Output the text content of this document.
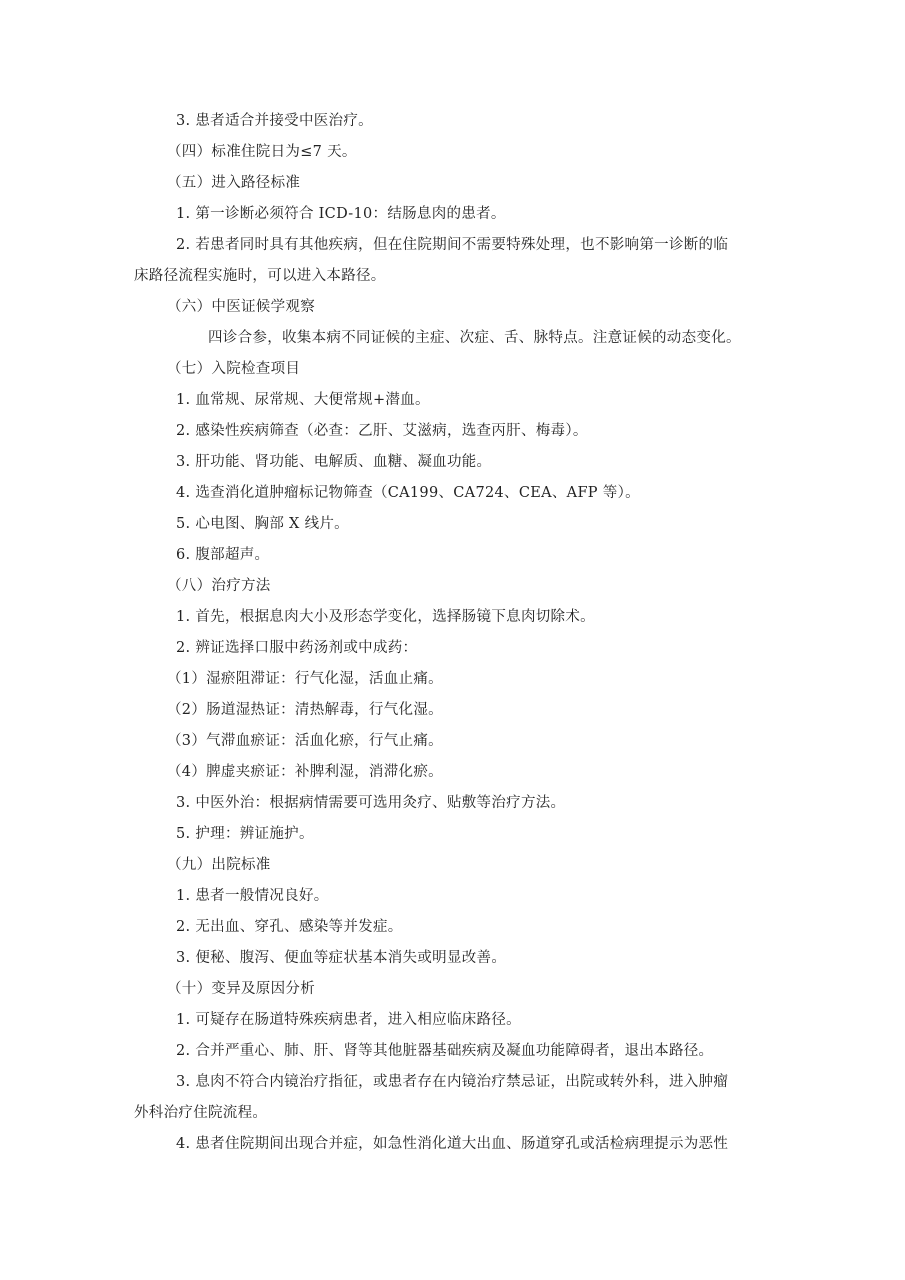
3. 患者适合并接受中医治疗。
（四）标准住院日为≤7 天。
（五）进入路径标准
1. 第一诊断必须符合 ICD-10：结肠息肉的患者。
2. 若患者同时具有其他疾病，但在住院期间不需要特殊处理，也不影响第一诊断的临
床路径流程实施时，可以进入本路径。
（六）中医证候学观察
四诊合参，收集本病不同证候的主症、次症、舌、脉特点。注意证候的动态变化。
（七）入院检查项目
1. 血常规、尿常规、大便常规+潜血。
2. 感染性疾病筛查（必查：乙肝、艾滋病，选查丙肝、梅毒）。
3. 肝功能、肾功能、电解质、血糖、凝血功能。
4. 选查消化道肿瘤标记物筛查（CA199、CA724、CEA、AFP 等）。
5. 心电图、胸部 X 线片。
6. 腹部超声。
（八）治疗方法
1. 首先，根据息肉大小及形态学变化，选择肠镜下息肉切除术。
2. 辨证选择口服中药汤剂或中成药：
（1）湿瘀阻滞证：行气化湿，活血止痛。
（2）肠道湿热证：清热解毒，行气化湿。
（3）气滞血瘀证：活血化瘀，行气止痛。
（4）脾虚夹瘀证：补脾利湿，消滞化瘀。
3. 中医外治：根据病情需要可选用灸疗、贴敷等治疗方法。
5. 护理：辨证施护。
（九）出院标准
1. 患者一般情况良好。
2. 无出血、穿孔、感染等并发症。
3. 便秘、腹泻、便血等症状基本消失或明显改善。
（十）变异及原因分析
1. 可疑存在肠道特殊疾病患者，进入相应临床路径。
2. 合并严重心、肺、肝、肾等其他脏器基础疾病及凝血功能障碍者，退出本路径。
3. 息肉不符合内镜治疗指征，或患者存在内镜治疗禁忌证，出院或转外科，进入肿瘤
外科治疗住院流程。
4. 患者住院期间出现合并症，如急性消化道大出血、肠道穿孔或活检病理提示为恶性
